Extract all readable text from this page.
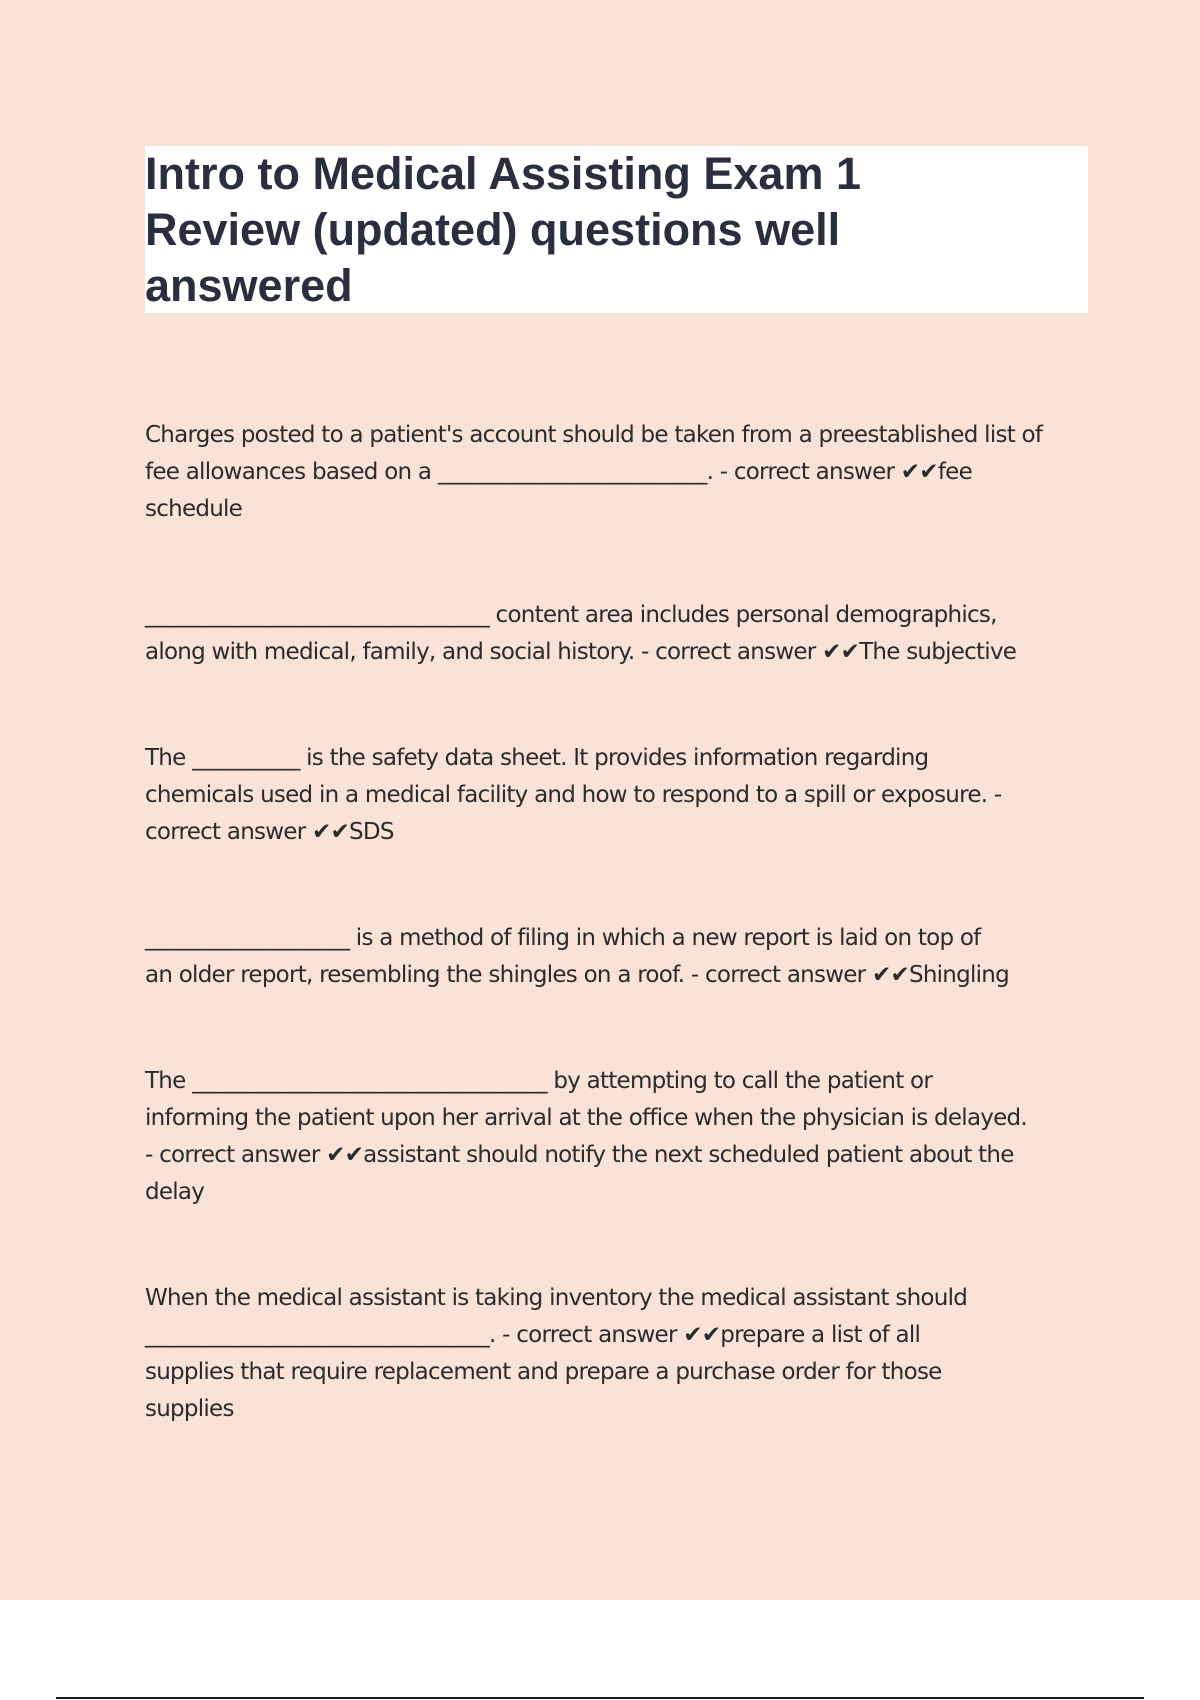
Intro to Medical Assisting Exam 1
Review (updated) questions well
answered

Charges posted to a patient's account should be taken from a preestablished list of
fee allowances based on a _________________________. - correct answer ✔✔fee
schedule

________________________________ content area includes personal demographics,
along with medical, family, and social history. - correct answer ✔✔The subjective

The __________ is the safety data sheet. It provides information regarding
chemicals used in a medical facility and how to respond to a spill or exposure. -
correct answer ✔✔SDS

___________________ is a method of filing in which a new report is laid on top of
an older report, resembling the shingles on a roof. - correct answer ✔✔Shingling

The _________________________________ by attempting to call the patient or
informing the patient upon her arrival at the office when the physician is delayed.
- correct answer ✔✔assistant should notify the next scheduled patient about the
delay

When the medical assistant is taking inventory the medical assistant should
________________________________. - correct answer ✔✔prepare a list of all
supplies that require replacement and prepare a purchase order for those
supplies
